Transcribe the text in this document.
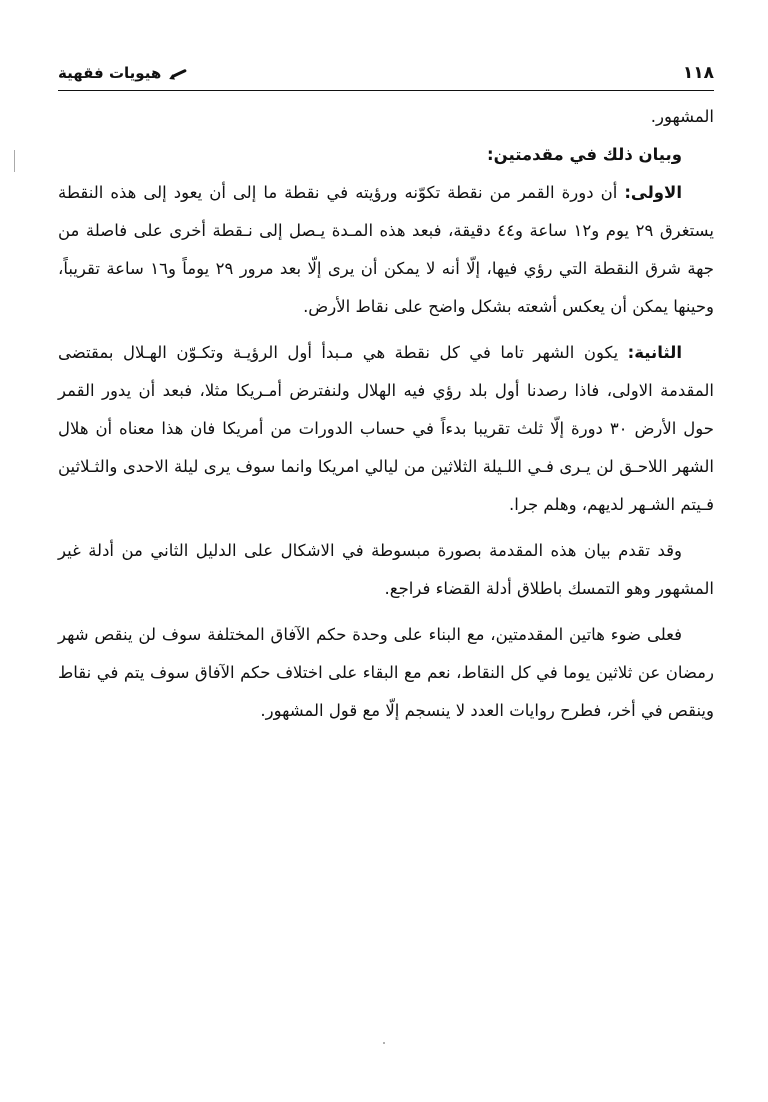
١١٨
هيويات فقهية

المشهور.

وبيان ذلك في مقدمتين:

الاولى: أن دورة القمر من نقطة تكوّنه ورؤيته في نقطة ما إلى أن يعود إلى هذه النقطة يستغرق ٢٩ يوم و١٢ ساعة و٤٤ دقيقة، فبعد هذه المـدة يـصل إلى نـقطة أخرى على فاصلة من جهة شرق النقطة التي رؤي فيها، إلّا أنه لا يمكن أن يرى إلّا بعد مرور ٢٩ يوماً و١٦ ساعة تقريباً، وحينها يمكن أن يعكس أشعته بشكل واضح على نقاط الأرض.

الثانية: يكون الشهر تاما في كل نقطة هي مـبدأ أول الرؤيـة وتكـوّن الهـلال بمقتضى المقدمة الاولى، فاذا رصدنا أول بلد رؤي فيه الهلال ولنفترض أمـريكا مثلا، فبعد أن يدور القمر حول الأرض ٣٠ دورة إلّا ثلث تقريبا بدءاً في حساب الدورات من أمريكا فان هذا معناه أن هلال الشهر اللاحـق لن يـرى فـي اللـيلة الثلاثين من ليالي امريكا وانما سوف يرى ليلة الاحدى والثـلاثين فـيتم الشـهر لديهم، وهلم جرا.

وقد تقدم بيان هذه المقدمة بصورة مبسوطة في الاشكال على الدليل الثاني من أدلة غير المشهور وهو التمسك باطلاق أدلة القضاء فراجع.

فعلى ضوء هاتين المقدمتين، مع البناء على وحدة حكم الآفاق المختلفة سوف لن ينقص شهر رمضان عن ثلاثين يوما في كل النقاط، نعم مع البقاء على اختلاف حكم الآفاق سوف يتم في نقاط وينقص في أخر، فطرح روايات العدد لا ينسجم إلّا مع قول المشهور.
